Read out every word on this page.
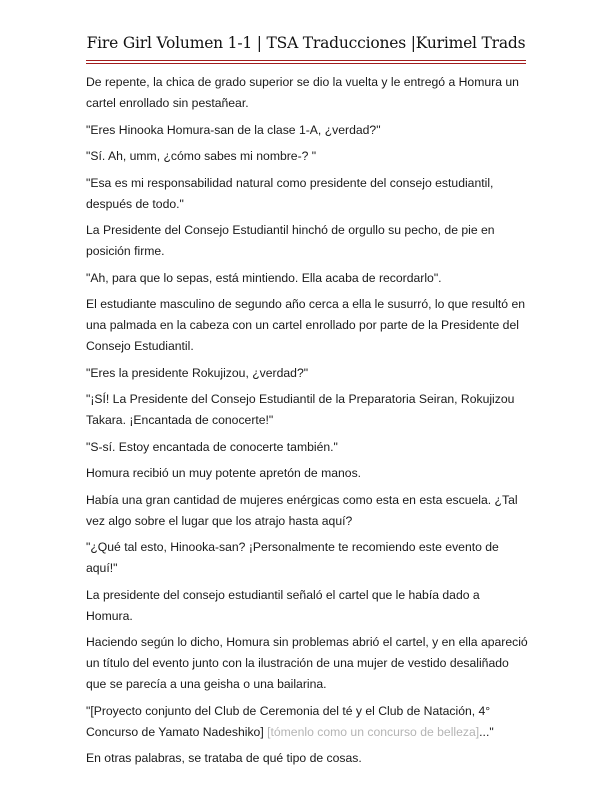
Fire Girl Volumen 1-1 | TSA Traducciones |Kurimel Trads

De repente, la chica de grado superior se dio la vuelta y le entregó a Homura un cartel enrollado sin pestañear.

"Eres Hinooka Homura-san de la clase 1-A, ¿verdad?"

"Sí. Ah, umm, ¿cómo sabes mi nombre-? "

"Esa es mi responsabilidad natural como presidente del consejo estudiantil, después de todo."

La Presidente del Consejo Estudiantil hinchó de orgullo su pecho, de pie en posición firme.

"Ah, para que lo sepas, está mintiendo. Ella acaba de recordarlo".

El estudiante masculino de segundo año cerca a ella le susurró, lo que resultó en una palmada en la cabeza con un cartel enrollado por parte de la Presidente del Consejo Estudiantil.

"Eres la presidente Rokujizou, ¿verdad?"

"¡SÍ! La Presidente del Consejo Estudiantil de la Preparatoria Seiran, Rokujizou Takara. ¡Encantada de conocerte!"

"S-sí. Estoy encantada de conocerte también."

Homura recibió un muy potente apretón de manos.

Había una gran cantidad de mujeres enérgicas como esta en esta escuela. ¿Tal vez algo sobre el lugar que los atrajo hasta aquí?

"¿Qué tal esto, Hinooka-san? ¡Personalmente te recomiendo este evento de aquí!"

La presidente del consejo estudiantil señaló el cartel que le había dado a Homura.

Haciendo según lo dicho, Homura sin problemas abrió el cartel, y en ella apareció un título del evento junto con la ilustración de una mujer de vestido desaliñado que se parecía a una geisha o una bailarina.

"[Proyecto conjunto del Club de Ceremonia del té y el Club de Natación, 4° Concurso de Yamato Nadeshiko] [tómenlo como un concurso de belleza]..."

En otras palabras, se trataba de qué tipo de cosas.
